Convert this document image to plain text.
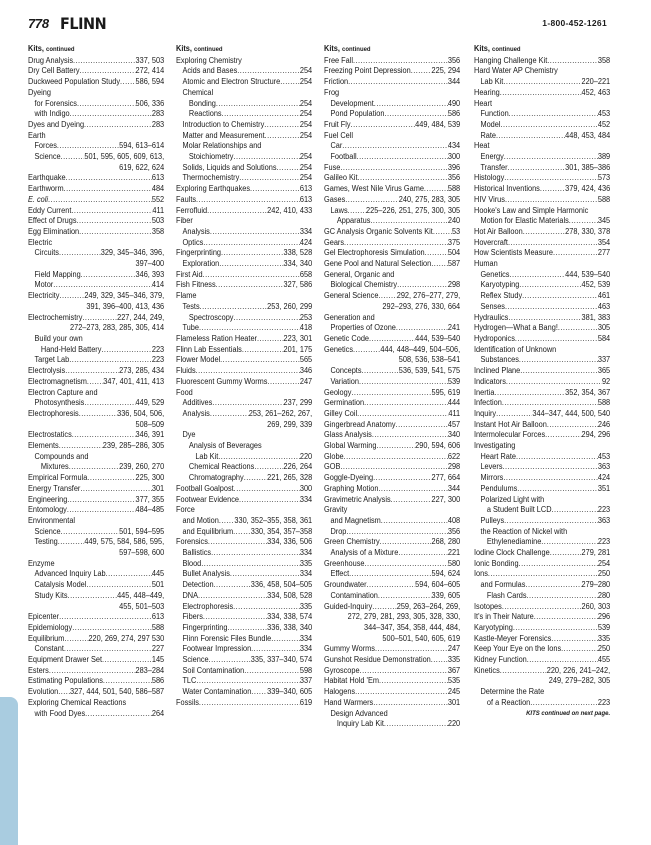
778 FLINN	1-800-452-1261
Kits, continued
Drug Analysis .....	337, 503
Dry Cell Battery .....	272, 414
Duckweed Population Study ..... 586, 594
Dyeing
for Forensics .....	506, 336
with Indigo .....	283
Dyes and Dyeing .....	283
Earth
Forces .....	594, 613–614
Science .....	501, 595, 605, 609, 613,
619, 622, 624
Earthquake .....	613
Earthworm .....	484
E. coli .....	552
Eddy Current .....	411
Effect of Drugs .....	503
Egg Elimination .....	358
Electric
Circuits .....	329, 345–346, 396,
397–400
Field Mapping .....	346, 393
Motor .....	414
Electricity .....	249, 329, 345–346, 379,
391, 396–400, 413, 436
Electrochemistry .....	227, 244, 249,
272–273, 283, 285, 305, 414
Build your own
Hand-Held Battery .....	223
Target Lab .....	223
Electrolysis .....	273, 285, 434
Electromagnetism ..... 347, 401, 411, 413
Electron Capture and
Photosynthesis .....	449, 529
Electrophoresis .....	336, 504, 506,
508–509
Electrostatics .....	346, 391
Elements .....	239, 285–286, 305
Compounds and
Mixtures .....	239, 260, 270
Empirical Formula .....	225, 300
Energy Transfer .....	301
Engineering .....	377, 355
Entomology .....	484–485
Environmental
Science .....	501, 594–595
Testing .....	449, 575, 584, 586, 595,
597–598, 600
Enzyme
Advanced Inquiry Lab .....	445
Catalysis Model .....	501
Study Kits .....	445, 448–449,
455, 501–503
Epicenter .....	613
Epidemiology .....	588
Equilibrium .....	220, 269, 274, 297 530
Constant .....	227
Equipment Drawer Set .....	145
Esters .....	283–284
Estimating Populations .....	586
Evolution ..... 327, 444, 501, 540, 586–587
Exploring Chemical Reactions
with Food Dyes .....	264
Kits, continued
Exploring Chemistry
Acids and Bases .....	254
Atomic and Electron Structure ..... 254
Chemical
Bonding .....	254
Reactions .....	254
Introduction to Chemistry .....	254
Matter and Measurement .....	254
Molar Relationships and
Stoichiometry .....	254
Solids, Liquids and Solutions .....	254
Thermochemistry .....	254
Exploring Earthquakes .....	613
Faults .....	613
Ferrofluid .....	242, 410, 433
Fiber
Analysis .....	334
Optics .....	424
Fingerprinting .....	338, 528
Exploration .....	334, 340
First Aid .....	658
Fish Fitness .....	327, 586
Flame
Tests .....	253, 260, 299
Spectroscopy .....	253
Tube .....	418
Flameless Ration Heater .....	223, 301
Flinn Lab Essentials .....	201, 175
Flower Model .....	565
Fluids .....	346
Fluorescent Gummy Worms .....	247
Food
Additives .....	237, 299
Analysis .....	253, 261–262, 267,
269, 299, 339
Dye
Analysis of Beverages
Lab Kit .....	220
Chemical Reactions .....	226, 264
Chromatography .....	221, 265, 328
Football Goalpost .....	300
Footwear Evidence .....	334
Force
and Motion ..... 330, 352–355, 358, 361
and Equilibrium ..... 330, 354, 357–358
Forensics .....	334, 336, 506
Ballistics .....	334
Blood .....	335
Bullet Analysis .....	334
Detection .....	336, 458, 504–505
DNA .....	334, 508, 528
Electrophoresis .....	335
Fibers .....	334, 338, 574
Fingerprinting .....	336, 338, 340
Flinn Forensic Files Bundle .....	334
Footwear Impression .....	334
Science .....	335, 337–340, 574
Soil Contamination .....	598
TLC .....	337
Water Contamination ..... 339–340, 605
Fossils .....	619
Kits, continued
Free Fall .....	356
Freezing Point Depression .....	225, 294
Friction .....	344
Frog
Development .....	490
Pond Population .....	586
Fruit Fly .....	449, 484, 539
Fuel Cell
Car .....	434
Football .....	300
Fuse .....	396
Galileo Kit .....	356
Games, West Nile Virus Game .....	588
Gases .....	240, 275, 283, 305
Laws ..... 225–226, 251, 275, 300, 305
Apparatus .....	240
GC Analysis Organic Solvents Kit ..... 53
Gears .....	375
Gel Electrophoresis Simulation .....	504
Gene Pool and Natural Selection ..... 587
General, Organic and
Biological Chemistry .....	298
General Science ..... 292, 276–277, 279,
292–293, 276, 330, 664
Generation and
Properties of Ozone .....	241
Genetic Code .....	444, 539–540
Genetics .....	444, 448–449, 504–506,
508, 536, 538–541
Concepts .....	536, 539, 541, 575
Variation .....	539
Geology .....	595, 619
Germination .....	444
Gilley Coil .....	411
Gingerbread Anatomy .....	457
Glass Analysis .....	340
Global Warming .....	290, 594, 606
Globe .....	622
GOB .....	298
Goggle-Dyeing .....	277, 664
Graphing Motion .....	344
Gravimetric Analysis .....	227, 300
Gravity
and Magnetism .....	408
Drop .....	356
Green Chemistry .....	268, 280
Analysis of a Mixture .....	221
Greenhouse .....	580
Effect .....	594, 624
Groundwater .....	594, 604–605
Contamination .....	339, 605
Guided-Inquiry .....	259, 263–264, 269,
272, 279, 281, 293, 305, 328, 330,
344–347, 354, 358, 444, 484,
500–501, 540, 605, 619
Gummy Worms .....	247
Gunshot Residue Demonstration ..... 335
Gyroscope .....	367
Habitat Hold 'Em .....	535
Halogens .....	245
Hand Warmers .....	301
Design Advanced
Inquiry Lab Kit .....	220
Kits, continued
Hanging Challenge Kit .....	358
Hard Water AP Chemistry
Lab Kit .....	220–221
Hearing .....	452, 463
Heart
Function .....	453
Model .....	452
Rate .....	448, 453, 484
Heat
Energy .....	389
Transfer .....	301, 385–386
Histology .....	573
Historical Inventions .....	379, 424, 436
HIV Virus .....	588
Hooke's Law and Simple Harmonic
Motion for Elastic Materials .....	345
Hot Air Balloon .....	278, 330, 378
Hovercraft .....	354
How Scientists Measure .....	277
Human
Genetics .....	444, 539–540
Karyotyping .....	452, 539
Reflex Study .....	461
Senses .....	463
Hydraulics .....	381, 383
Hydrogen—What a Bang! .....	305
Hydroponics .....	584
Identification of Unknown
Substances .....	337
Inclined Plane .....	365
Indicators .....	92
Inertia .....	352, 354, 367
Infection .....	588
Inquiry .....	344–347, 444, 500, 540
Instant Hot Air Balloon .....	246
Intermolecular Forces .....	294, 296
Investigating
Heart Rate .....	453
Levers .....	363
Mirrors .....	424
Pendulums .....	351
Polarized Light with
a Student Built LCD .....	223
Pulleys .....	363
the Reaction of Nickel with
Ethylenediamine .....	223
Iodine Clock Challenge .....	279, 281
Ionic Bonding .....	254
Ions .....	250
and Formulas .....	279–280
Flash Cards .....	280
Isotopes .....	260, 303
It's in Their Nature .....	296
Karyotyping .....	539
Kastle-Meyer Forensics .....	335
Keep Your Eye on the Ions .....	250
Kidney Function .....	455
Kinetics .....	220, 226, 241–242,
249, 279–282, 305
Determine the Rate
of a Reaction .....	223
KITS continued on next page.
